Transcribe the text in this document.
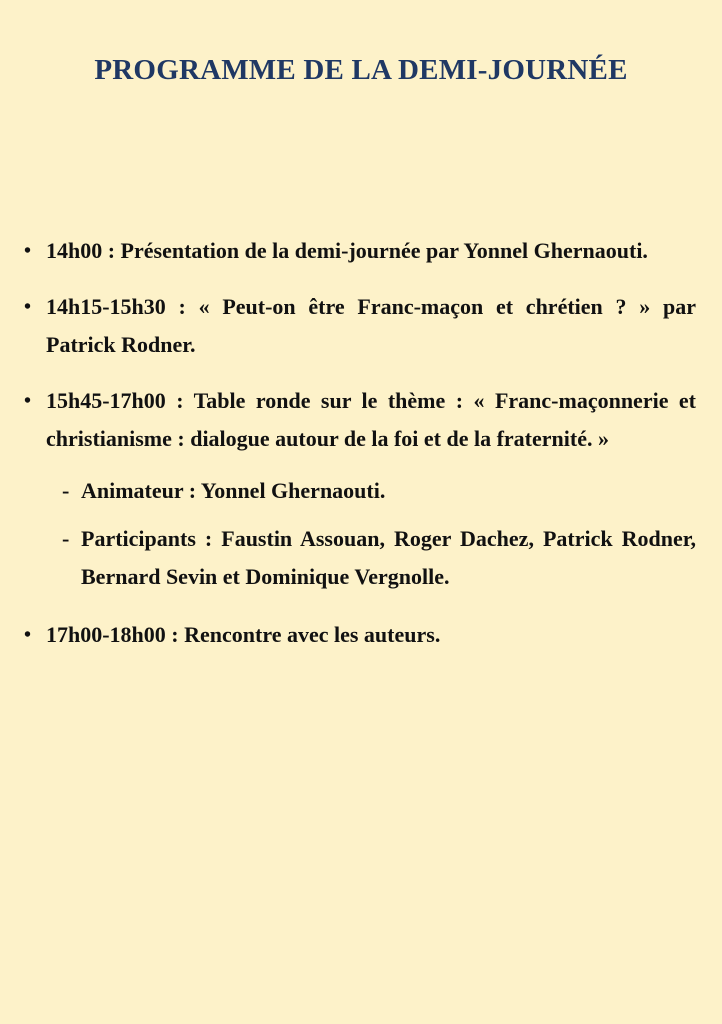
PROGRAMME DE LA DEMI-JOURNÉE
• 14h00 : Présentation de la demi-journée par Yonnel Ghernaouti.
• 14h15-15h30 : « Peut-on être Franc-maçon et chrétien ? » par Patrick Rodner.
• 15h45-17h00 : Table ronde sur le thème : « Franc-maçonnerie et christianisme : dialogue autour de la foi et de la fraternité. »
- Animateur : Yonnel Ghernaouti.
- Participants : Faustin Assouan, Roger Dachez, Patrick Rodner, Bernard Sevin et Dominique Vergnolle.
• 17h00-18h00 : Rencontre avec les auteurs.
